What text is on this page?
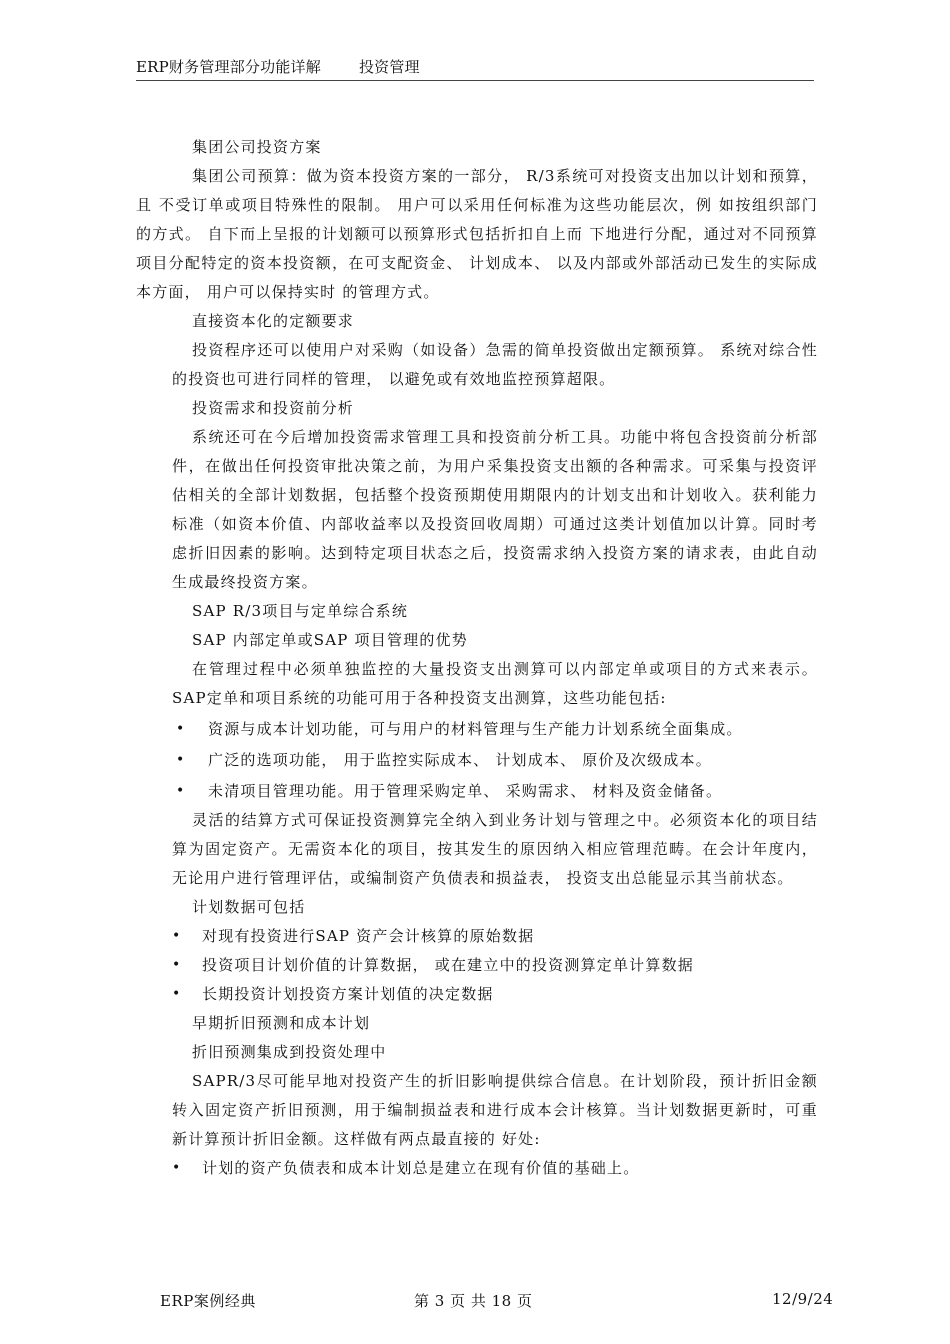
ERP财务管理部分功能详解	投资管理

集团公司投资方案

集团公司预算：做为资本投资方案的一部分， R/3系统可对投资支出加以计划和预算， 且 不受订单或项目特殊性的限制。 用户可以采用任何标准为这些功能层次，例 如按组织部门的方式。 自下而上呈报的计划额可以预算形式包括折扣自上而 下地进行分配，通过对不同预算项目分配特定的资本投资额，在可支配资金、 计划成本、 以及内部或外部活动已发生的实际成本方面， 用户可以保持实时 的管理方式。

直接资本化的定额要求

投资程序还可以使用户对采购（如设备）急需的简单投资做出定额预算。 系统对综合性的投资也可进行同样的管理， 以避免或有效地监控预算超限。

投资需求和投资前分析

系统还可在今后增加投资需求管理工具和投资前分析工具。功能中将包含投资前分析部件，在做出任何投资审批决策之前，为用户采集投资支出额的各种需求。可采集与投资评估相关的全部计划数据，包括整个投资预期使用期限内的计划支出和计划收入。获利能力标准（如资本价值、内部收益率以及投资回收周期）可通过这类计划值加以计算。同时考虑折旧因素的影响。达到特定项目状态之后，投资需求纳入投资方案的请求表，由此自动生成最终投资方案。

SAP R/3项目与定单综合系统

SAP 内部定单或SAP 项目管理的优势

在管理过程中必须单独监控的大量投资支出测算可以内部定单或项目的方式来表示。SAP定单和项目系统的功能可用于各种投资支出测算，这些功能包括:

• 资源与成本计划功能，可与用户的材料管理与生产能力计划系统全面集成。
• 广泛的选项功能， 用于监控实际成本、 计划成本、 原价及次级成本。
• 未清项目管理功能。用于管理采购定单、 采购需求、 材料及资金储备。

灵活的结算方式可保证投资测算完全纳入到业务计划与管理之中。必须资本化的项目结算为固定资产。无需资本化的项目，按其发生的原因纳入相应管理范畴。在会计年度内，无论用户进行管理评估，或编制资产负债表和损益表， 投资支出总能显示其当前状态。

计划数据可包括

• 对现有投资进行SAP 资产会计核算的原始数据
• 投资项目计划价值的计算数据， 或在建立中的投资测算定单计算数据
• 长期投资计划投资方案计划值的决定数据

早期折旧预测和成本计划

折旧预测集成到投资处理中

SAPR/3尽可能早地对投资产生的折旧影响提供综合信息。在计划阶段，预计折旧金额转入固定资产折旧预测，用于编制损益表和进行成本会计核算。当计划数据更新时，可重新计算预计折旧金额。这样做有两点最直接的 好处:

• 计划的资产负债表和成本计划总是建立在现有价值的基础上。
ERP案例经典	第 3 页 共 18 页	12/9/24
